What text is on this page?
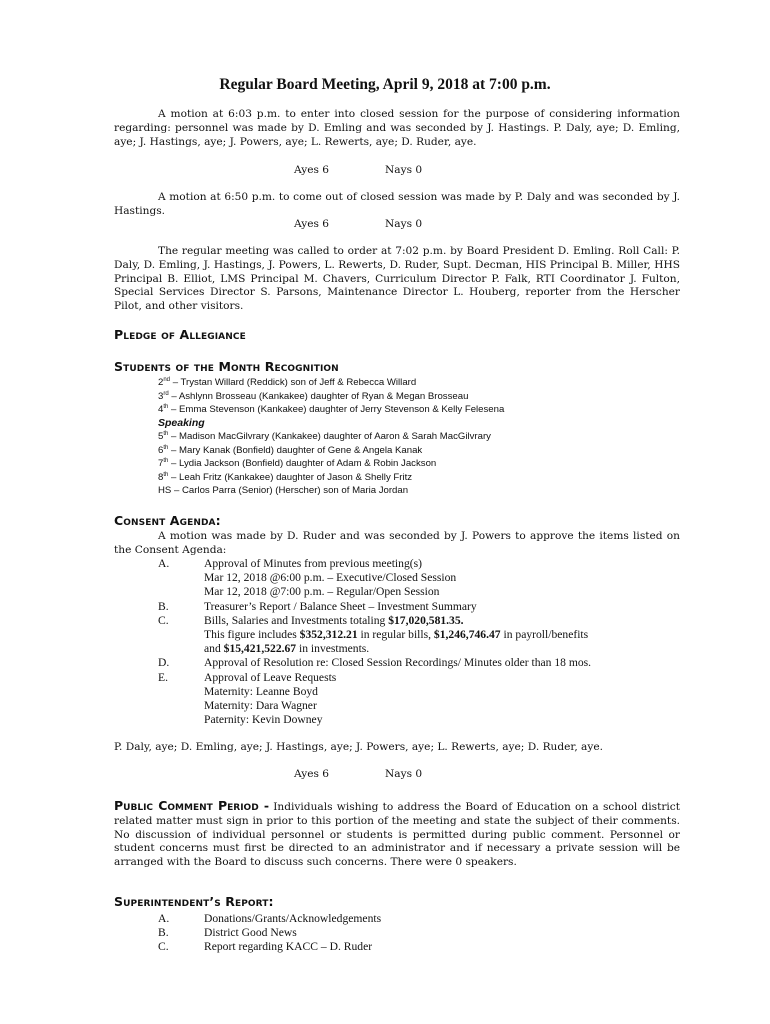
Regular Board Meeting, April 9, 2018 at 7:00 p.m.

A motion at 6:03 p.m. to enter into closed session for the purpose of considering information regarding: personnel was made by D. Emling and was seconded by J. Hastings. P. Daly, aye; D. Emling, aye; J. Hastings, aye; J. Powers, aye; L. Rewerts, aye; D. Ruder, aye.

Ayes 6	Nays 0

A motion at 6:50 p.m. to come out of closed session was made by P. Daly and was seconded by J. Hastings.

Ayes 6	Nays 0

The regular meeting was called to order at 7:02 p.m. by Board President D. Emling. Roll Call: P. Daly, D. Emling, J. Hastings, J. Powers, L. Rewerts, D. Ruder, Supt. Decman, HIS Principal B. Miller, HHS Principal B. Elliot, LMS Principal M. Chavers, Curriculum Director P. Falk, RTI Coordinator J. Fulton, Special Services Director S. Parsons, Maintenance Director L. Houberg, reporter from the Herscher Pilot, and other visitors.

Pledge of Allegiance
Students of the Month Recognition
2nd – Trystan Willard (Reddick) son of Jeff & Rebecca Willard
3rd – Ashlynn Brosseau (Kankakee) daughter of Ryan & Megan Brosseau
4th – Emma Stevenson (Kankakee) daughter of Jerry Stevenson & Kelly Felesena
Speaking
5th – Madison MacGilvrary (Kankakee) daughter of Aaron & Sarah MacGilvrary
6th – Mary Kanak (Bonfield) daughter of Gene & Angela Kanak
7th – Lydia Jackson (Bonfield) daughter of Adam & Robin Jackson
8th – Leah Fritz (Kankakee) daughter of Jason & Shelly Fritz
HS – Carlos Parra (Senior) (Herscher) son of Maria Jordan
Consent Agenda:

A motion was made by D. Ruder and was seconded by J. Powers to approve the items listed on the Consent Agenda:

A.	Approval of Minutes from previous meeting(s)
Mar 12, 2018 @6:00 p.m. – Executive/Closed Session
Mar 12, 2018 @7:00 p.m. – Regular/Open Session
B.	Treasurer’s Report / Balance Sheet – Investment Summary
C.	Bills, Salaries and Investments totaling $17,020,581.35.
This figure includes $352,312.21 in regular bills, $1,246,746.47 in payroll/benefits
and $15,421,522.67 in investments.
D.	Approval of Resolution re: Closed Session Recordings/ Minutes older than 18 mos.
E.	Approval of Leave Requests
Maternity: Leanne Boyd
Maternity: Dara Wagner
Paternity: Kevin Downey
P. Daly, aye; D. Emling, aye; J. Hastings, aye; J. Powers, aye; L. Rewerts, aye; D. Ruder, aye.
Ayes 6	Nays 0

Public Comment Period - Individuals wishing to address the Board of Education on a school district related matter must sign in prior to this portion of the meeting and state the subject of their comments. No discussion of individual personnel or students is permitted during public comment. Personnel or student concerns must first be directed to an administrator and if necessary a private session will be arranged with the Board to discuss such concerns. There were 0 speakers.

Superintendent’s Report:
A.	Donations/Grants/Acknowledgements
B.	District Good News
C.	Report regarding KACC – D. Ruder
